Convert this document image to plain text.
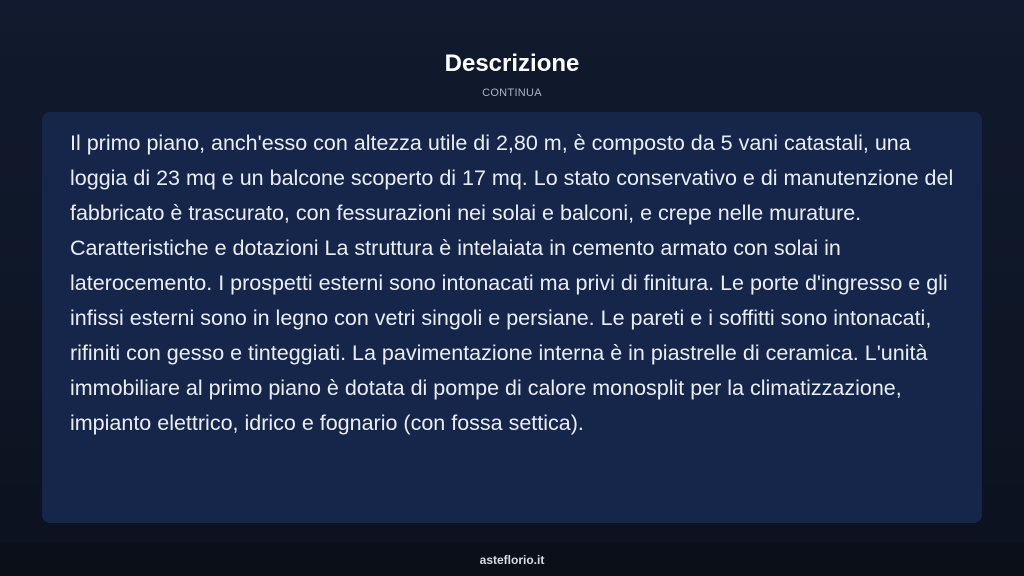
Descrizione
CONTINUA

Il primo piano, anch'esso con altezza utile di 2,80 m, è composto da 5 vani catastali, una loggia di 23 mq e un balcone scoperto di 17 mq. Lo stato conservativo e di manutenzione del fabbricato è trascurato, con fessurazioni nei solai e balconi, e crepe nelle murature. Caratteristiche e dotazioni La struttura è intelaiata in cemento armato con solai in laterocemento. I prospetti esterni sono intonacati ma privi di finitura. Le porte d'ingresso e gli infissi esterni sono in legno con vetri singoli e persiane. Le pareti e i soffitti sono intonacati, rifiniti con gesso e tinteggiati. La pavimentazione interna è in piastrelle di ceramica. L'unità immobiliare al primo piano è dotata di pompe di calore monosplit per la climatizzazione, impianto elettrico, idrico e fognario (con fossa settica).

asteflorio.it
